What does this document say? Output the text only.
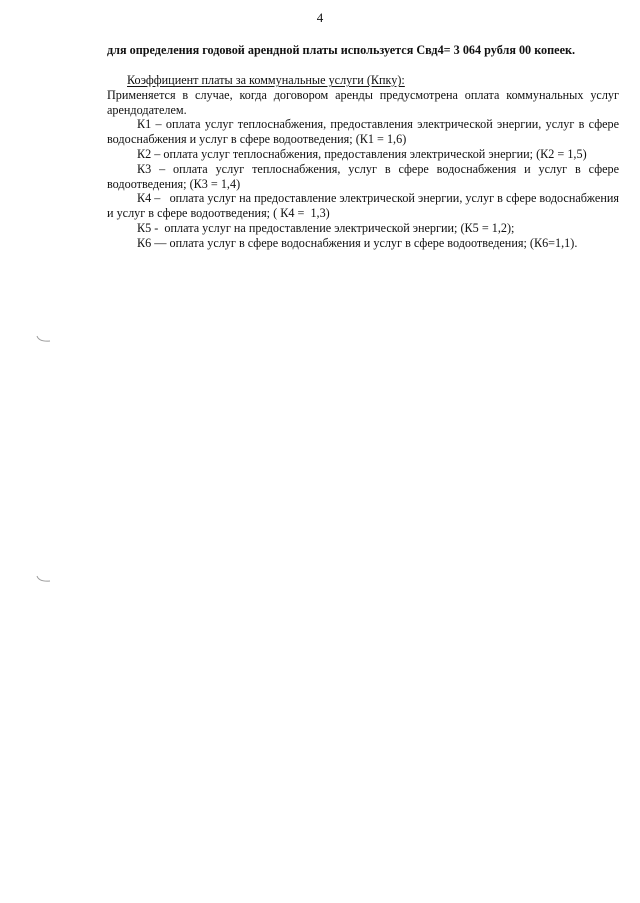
4
для определения годовой арендной платы используется Свд4= 3 064 рубля 00 копеек.

Коэффициент платы за коммунальные услуги (Кпку):

Применяется в случае, когда договором аренды предусмотрена оплата коммунальных услуг арендодателем.

К1 – оплата услуг теплоснабжения, предоставления электрической энергии, услуг в сфере водоснабжения и услуг в сфере водоотведения; (К1 = 1,6)

К2 – оплата услуг теплоснабжения, предоставления электрической энергии; (К2 = 1,5)

К3 – оплата услуг теплоснабжения, услуг в сфере водоснабжения и услуг в сфере водоотведения; (К3 = 1,4)

К4 –   оплата услуг на предоставление электрической энергии, услуг в сфере водоснабжения и услуг в сфере водоотведения; ( К4 =  1,3)

К5 -  оплата услуг на предоставление электрической энергии; (К5 = 1,2);

К6 — оплата услуг в сфере водоснабжения и услуг в сфере водоотведения; (К6=1,1).
